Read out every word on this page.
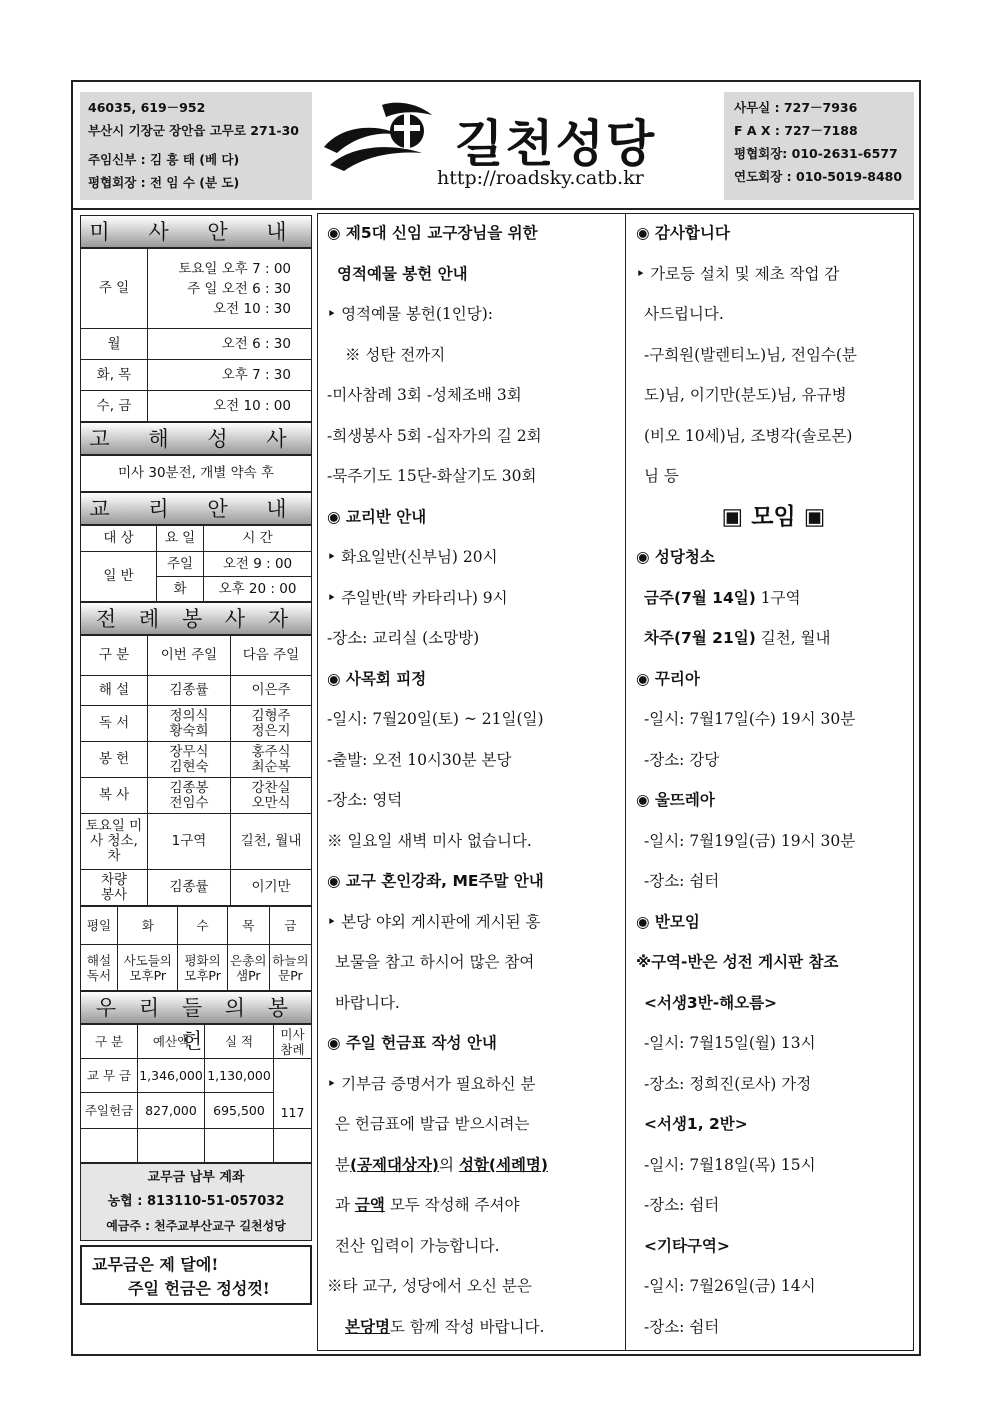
46035, 619－952
부산시 기장군 장안읍 고무로 271-30
주임신부 : 김 흥 태 (베 다)
평협회장 : 전 임 수 (분 도)
길천성당
http://roadsky.catb.kr
사무실 : 727－7936
F A X : 727－7188
평협회장: 010-2631-6577
연도회장 : 010-5019-8480
미 사 안 내
주 일	토요일 오후 7 : 00
주 일 오전 6 : 30
오전 10 : 30

월	오전 6 : 30
화, 목	오후 7 : 30
수, 금	오전 10 : 00
고 해 성 사
미사 30분전, 개별 약속 후
교 리 안 내
대 상	요 일	시 간
일 반	주일	오전 9 : 00
	화	오후 20 : 00
전 례 봉 사 자
구 분	이번 주일	다음 주일
해 설	김종률	이은주
독 서	정의식 황숙희	김형주 정은지
봉 헌	장무식 김현숙	홍주식 최순복
복 사	김종봉 전임수	강찬실 오만식
토요일 미사 청소, 차	1구역	길천, 월내
차량 봉사	김종률	이기만
평일	화	수	목	금
해설 독서	사도들의모후Pr	평화의모후Pr	은총의샘Pr	하늘의문Pr
우 리 들 의 봉 헌
구 분	예산액	실 적	미사참례
교 무 금	1,346,000	1,130,000	117
주일헌금	827,000	695,500	

교무금 납부 계좌
농협 : 813110-51-057032
예금주 : 천주교부산교구 길천성당
교무금은 제 달에!
주일 헌금은 정성껏!
◉ 제5대 신임 교구장님을 위한
영적예물 봉헌 안내
‣ 영적예물 봉헌(1인당):
※ 성탄 전까지
-미사참례 3회 -성체조배 3회
-희생봉사 5회 -십자가의 길 2회
-묵주기도 15단-화살기도 30회
◉ 교리반 안내
‣ 화요일반(신부님) 20시
‣ 주일반(박 카타리나) 9시
-장소: 교리실 (소망방)
◉ 사목회 피정
-일시: 7월20일(토) ~ 21일(일)
-출발: 오전 10시30분 본당
-장소: 영덕
※ 일요일 새벽 미사 없습니다.
◉ 교구 혼인강좌, ME주말 안내
‣ 본당 야외 게시판에 게시된 홍
보물을 참고 하시어 많은 참여
바랍니다.
◉ 주일 헌금표 작성 안내
‣ 기부금 증명서가 필요하신 분
은 헌금표에 발급 받으시려는
분(공제대상자)의 성함(세례명)
과 금액 모두 작성해 주셔야
전산 입력이 가능합니다.
※타 교구, 성당에서 오신 분은
본당명도 함께 작성 바랍니다.
◉ 감사합니다
‣ 가로등 설치 및 제초 작업 감
사드립니다.
-구희원(발렌티노)님, 전임수(분
도)님, 이기만(분도)님, 유규병
(비오 10세)님, 조병각(솔로몬)
님 등
▣ 모임 ▣
◉ 성당청소
금주(7월 14일) 1구역
차주(7월 21일) 길천, 월내
◉ 꾸리아
-일시: 7월17일(수) 19시 30분
-장소: 강당
◉ 울뜨레아
-일시: 7월19일(금) 19시 30분
-장소: 쉼터
◉ 반모임
※구역-반은 성전 게시판 참조
<서생3반-해오름>
-일시: 7월15일(월) 13시
-장소: 정희진(로사) 가정
<서생1, 2반>
-일시: 7월18일(목) 15시
-장소: 쉼터
<기타구역>
-일시: 7월26일(금) 14시
-장소: 쉼터
